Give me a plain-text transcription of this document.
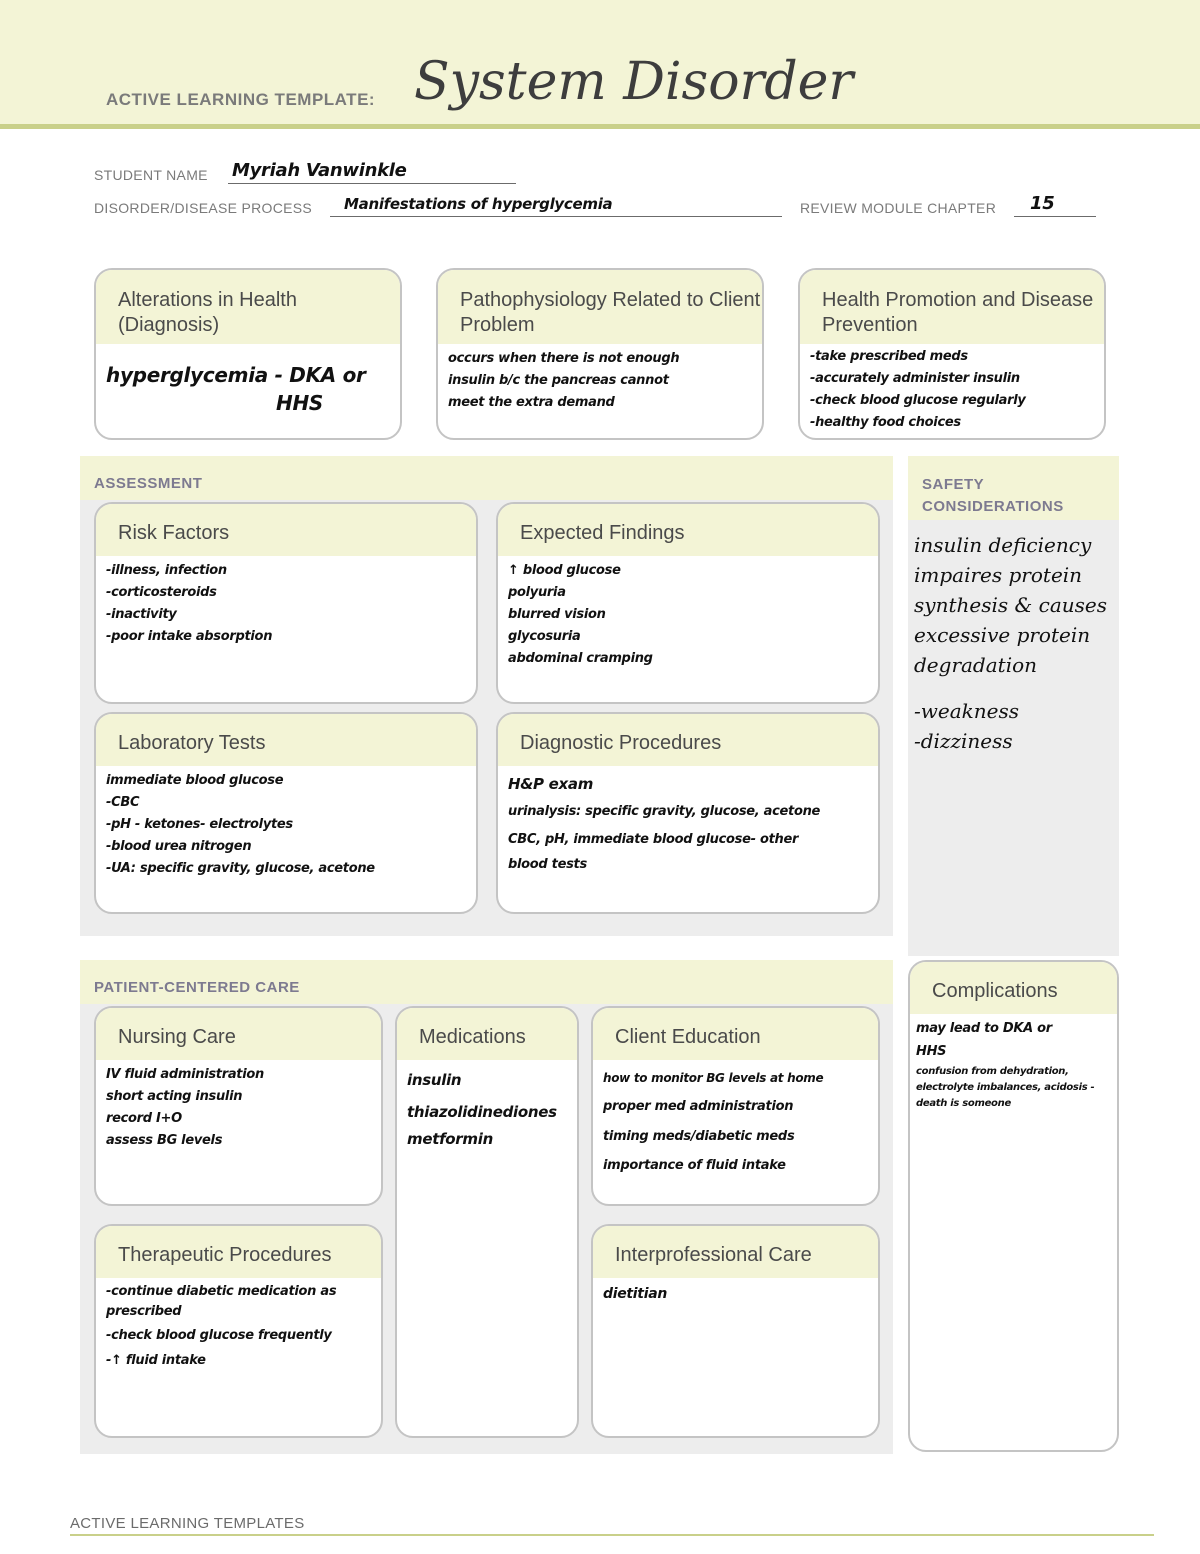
ACTIVE LEARNING TEMPLATE: System Disorder
STUDENT NAME Myriah Vanwinkle
DISORDER/DISEASE PROCESS Manifestations of hyperglycemia	REVIEW MODULE CHAPTER 15
Alterations in Health (Diagnosis)
hyperglycemia - DKA or
HHS
Pathophysiology Related to Client Problem
occurs when there is not enough
insulin b/c the pancreas cannot
meet the extra demand
Health Promotion and Disease Prevention
-take prescribed meds
-accurately administer insulin
-check blood glucose regularly
-healthy food choices
ASSESSMENT
Risk Factors
-illness, infection
-corticosteroids
-inactivity
-poor intake absorption
Expected Findings
↑ blood glucose
polyuria
blurred vision
glycosuria
abdominal cramping
Laboratory Tests
immediate blood glucose
-CBC
-pH - ketones- electrolytes
-blood urea nitrogen
-UA: specific gravity, glucose, acetone
Diagnostic Procedures
H&P exam
urinalysis: specific gravity, glucose, acetone
CBC, pH, immediate blood glucose- other
blood tests
SAFETY
CONSIDERATIONS
insulin deficiency
impaires protein
synthesis & causes
excessive protein
degradation
-weakness
-dizziness
PATIENT-CENTERED CARE
Nursing Care
IV fluid administration
short acting insulin
record I+O
assess BG levels
Medications
insulin
thiazolidinediones
metformin
Client Education
how to monitor BG levels at home
proper med administration
timing meds/diabetic meds
importance of fluid intake
Therapeutic Procedures
-continue diabetic medication as
prescribed
-check blood glucose frequently
-↑ fluid intake
Interprofessional Care
dietitian
Complications
may lead to DKA or
HHS
confusion from dehydration,
electrolyte imbalances, acidosis -
death is someone
ACTIVE LEARNING TEMPLATES
